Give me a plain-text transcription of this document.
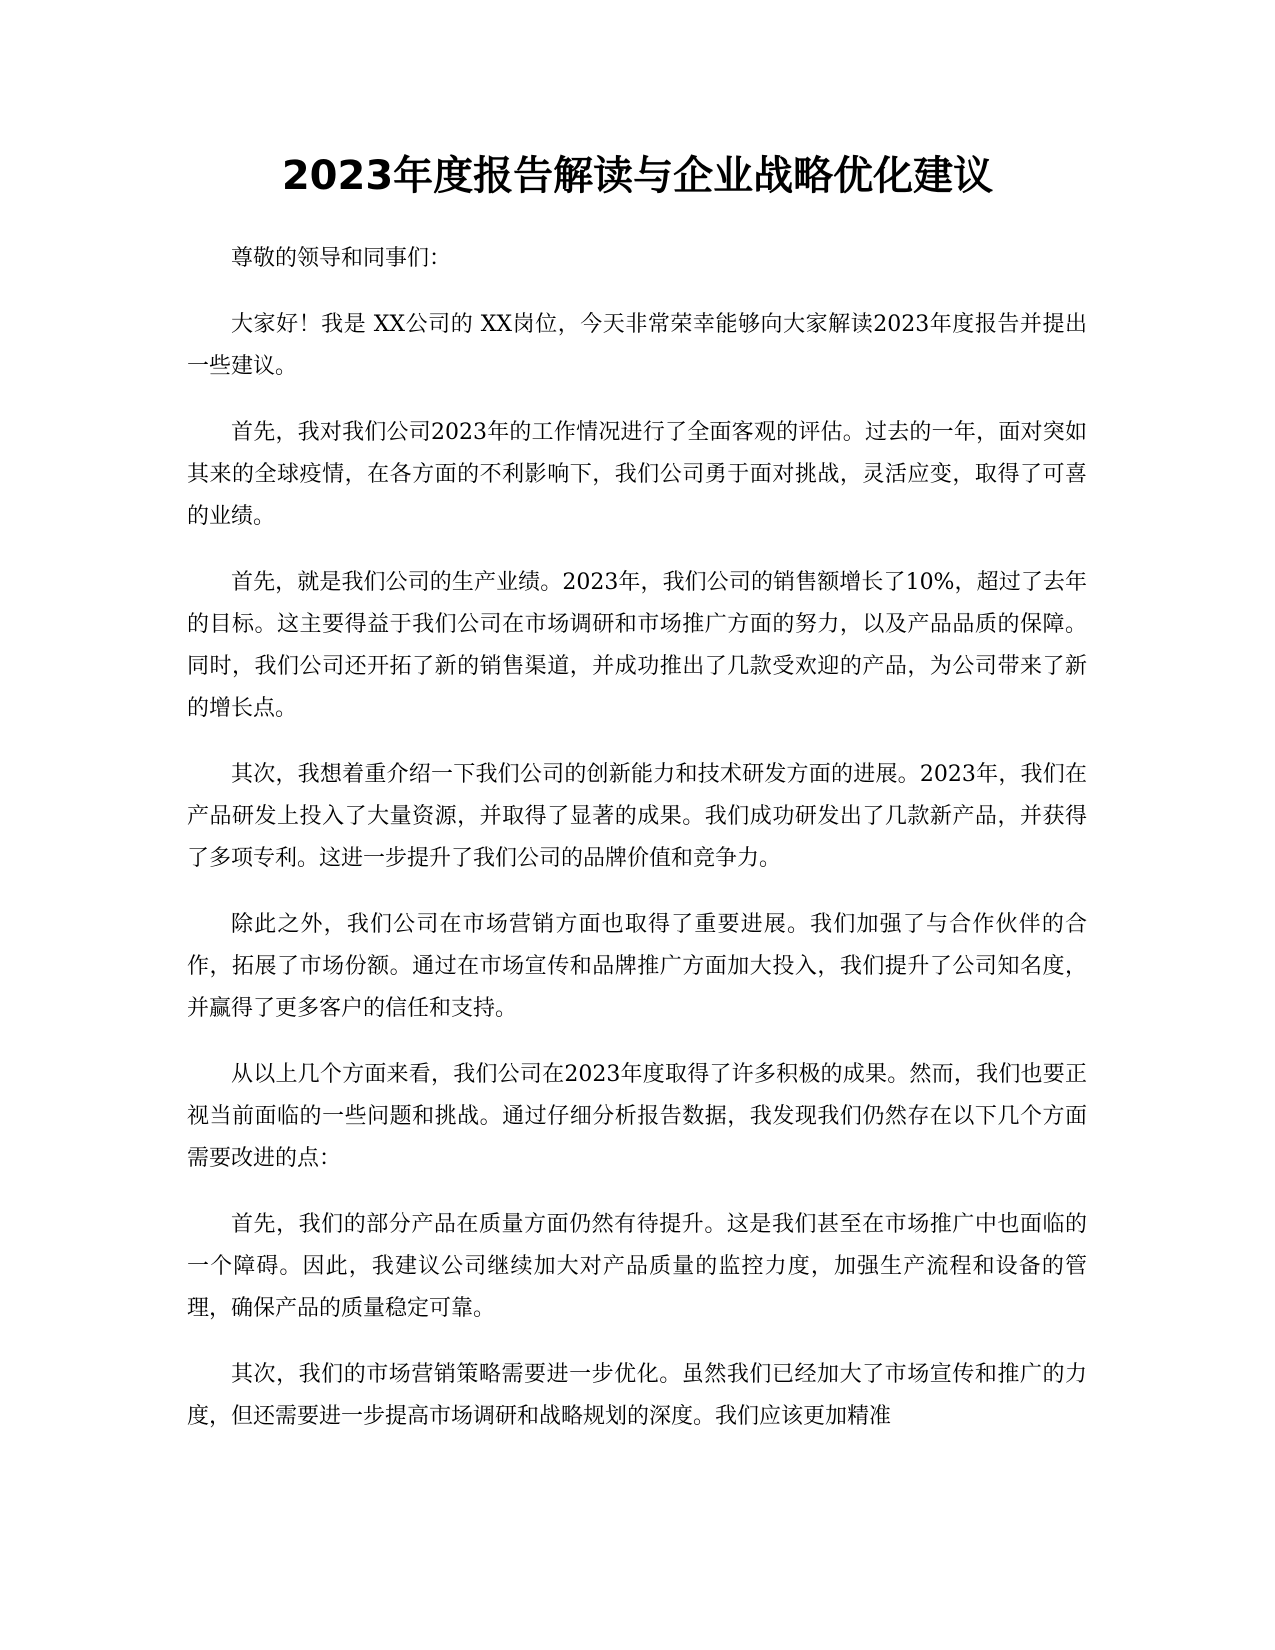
2023年度报告解读与企业战略优化建议

尊敬的领导和同事们：

大家好！我是 XX公司的 XX岗位，今天非常荣幸能够向大家解读2023年度报告并提出一些建议。

首先，我对我们公司2023年的工作情况进行了全面客观的评估。过去的一年，面对突如其来的全球疫情，在各方面的不利影响下，我们公司勇于面对挑战，灵活应变，取得了可喜的业绩。

首先，就是我们公司的生产业绩。2023年，我们公司的销售额增长了10%，超过了去年的目标。这主要得益于我们公司在市场调研和市场推广方面的努力，以及产品品质的保障。同时，我们公司还开拓了新的销售渠道，并成功推出了几款受欢迎的产品，为公司带来了新的增长点。

其次，我想着重介绍一下我们公司的创新能力和技术研发方面的进展。2023年，我们在产品研发上投入了大量资源，并取得了显著的成果。我们成功研发出了几款新产品，并获得了多项专利。这进一步提升了我们公司的品牌价值和竞争力。

除此之外，我们公司在市场营销方面也取得了重要进展。我们加强了与合作伙伴的合作，拓展了市场份额。通过在市场宣传和品牌推广方面加大投入，我们提升了公司知名度，并赢得了更多客户的信任和支持。

从以上几个方面来看，我们公司在2023年度取得了许多积极的成果。然而，我们也要正视当前面临的一些问题和挑战。通过仔细分析报告数据，我发现我们仍然存在以下几个方面需要改进的点：

首先，我们的部分产品在质量方面仍然有待提升。这是我们甚至在市场推广中也面临的一个障碍。因此，我建议公司继续加大对产品质量的监控力度，加强生产流程和设备的管理，确保产品的质量稳定可靠。

其次，我们的市场营销策略需要进一步优化。虽然我们已经加大了市场宣传和推广的力度，但还需要进一步提高市场调研和战略规划的深度。我们应该更加精准
